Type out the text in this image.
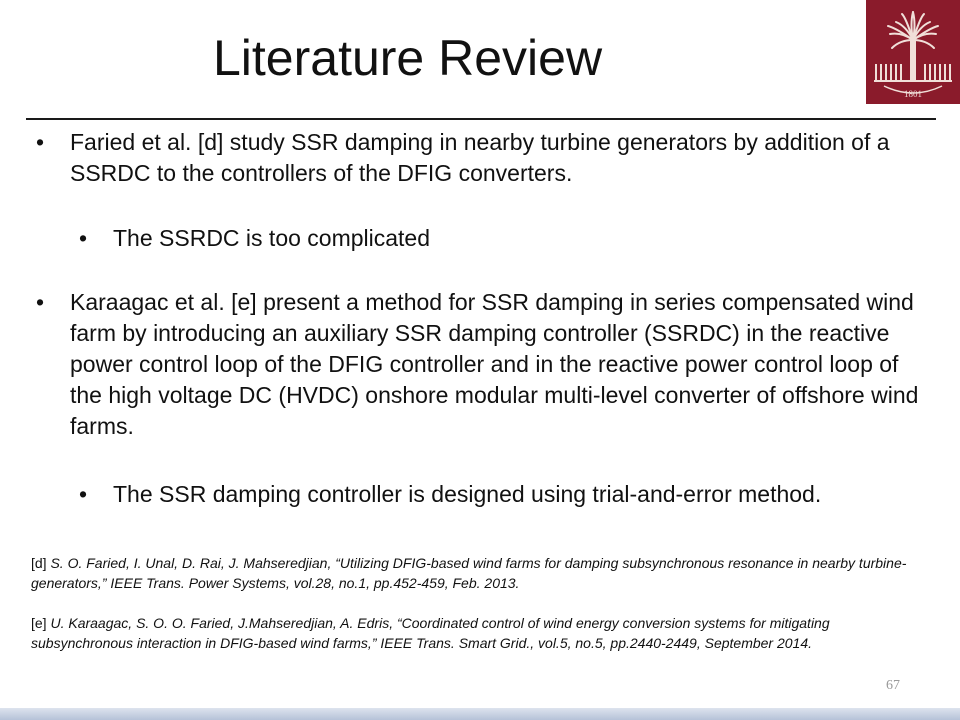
Literature Review
1801
• Faried et al. [d] study SSR damping in nearby turbine generators by addition of a SSRDC to the controllers of the DFIG converters.
• The SSRDC is too complicated
• Karaagac et al. [e] present a method for SSR damping in series compensated wind farm by introducing an auxiliary SSR damping controller (SSRDC) in the reactive power control loop of the DFIG controller and in the reactive power control loop of the high voltage DC (HVDC) onshore modular multi-level converter of offshore wind farms.
• The SSR damping controller is designed using trial-and-error method.

[d] S. O. Faried, I. Unal, D. Rai, J. Mahseredjian, “Utilizing DFIG-based wind farms for damping subsynchronous resonance in nearby turbine-generators,” IEEE Trans. Power Systems, vol.28, no.1, pp.452-459, Feb. 2013.

[e] U. Karaagac, S. O. O. Faried, J.Mahseredjian, A. Edris, “Coordinated control of wind energy conversion systems for mitigating subsynchronous interaction in DFIG-based wind farms,” IEEE Trans. Smart Grid., vol.5, no.5, pp.2440-2449, September 2014.

67
